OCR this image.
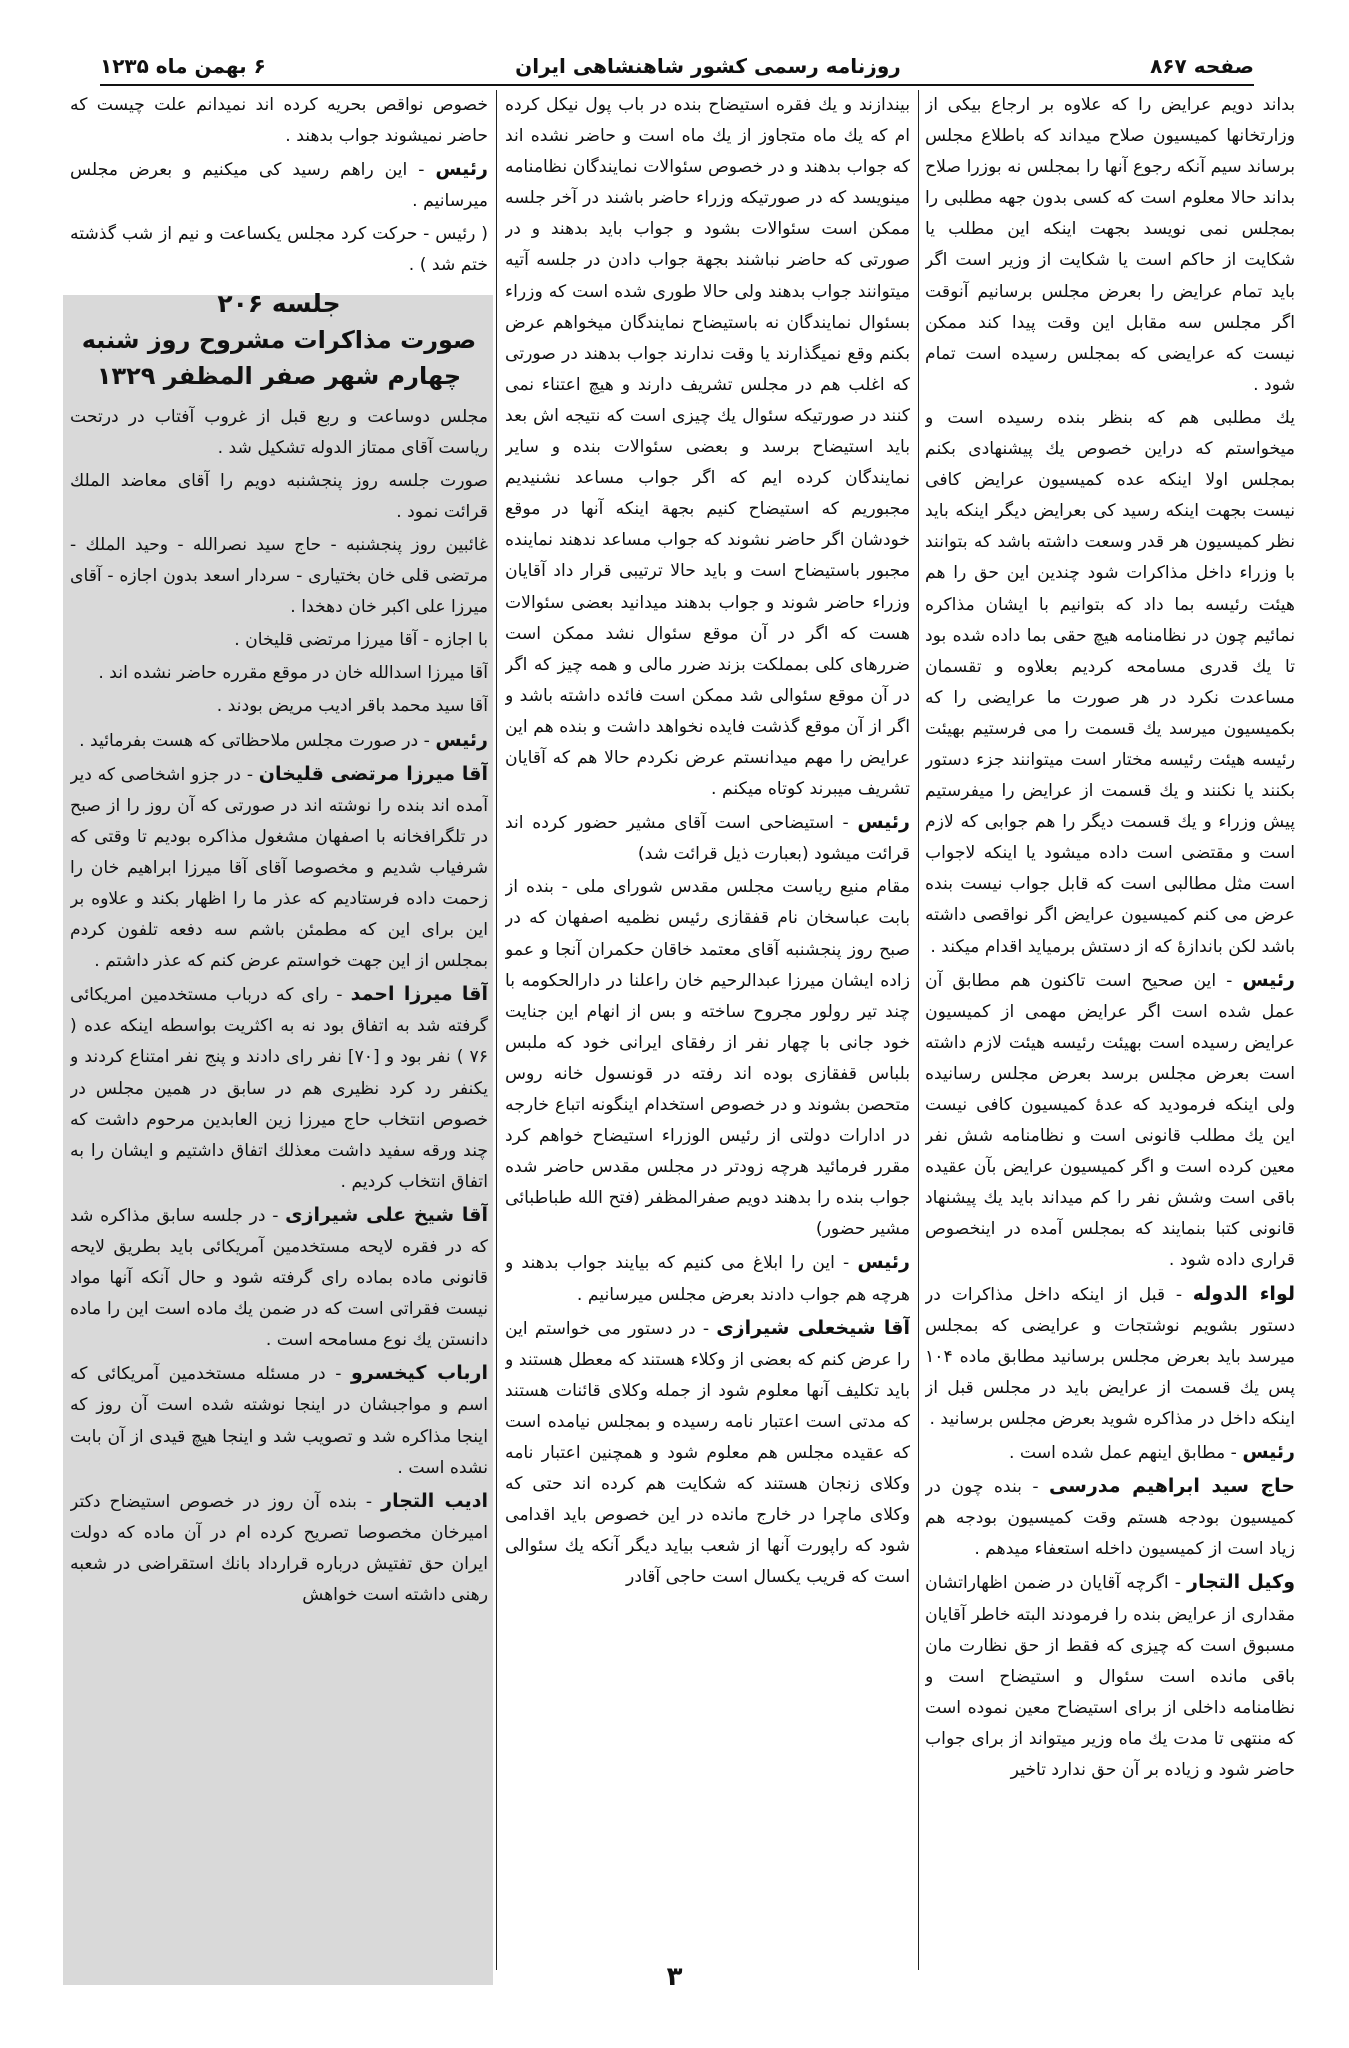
صفحه ۸۶۷
روزنامه رسمی کشور شاهنشاهی ایران
۶ بهمن ماه ۱۲۳۵

بداند دویم عرایض را که علاوه بر ارجاع بیکی از وزارتخانها کمیسیون صلاح میداند که باطلاع مجلس برساند سیم آنکه رجوع آنها را بمجلس نه بوزرا صلاح بداند حالا معلوم است که کسی بدون جهه مطلبی را بمجلس نمی نویسد بجهت اینکه این مطلب یا شکایت از حاکم است یا شکایت از وزیر است اگر باید تمام عرایض را بعرض مجلس برسانیم آنوقت اگر مجلس سه مقابل این وقت پیدا کند ممکن نیست که عرایضی که بمجلس رسیده است تمام شود .

یك مطلبی هم که بنظر بنده رسیده است و میخواستم که دراین خصوص یك پیشنهادی بکنم بمجلس اولا اینکه عده کمیسیون عرایض کافی نیست بجهت اینکه رسید کی بعرایض دیگر اینکه باید نظر کمیسیون هر قدر وسعت داشته باشد که بتوانند با وزراء داخل مذاکرات شود چندین این حق را هم هیئت رئیسه بما داد که بتوانیم با ایشان مذاکره نمائیم چون در نظامنامه هیچ حقی بما داده شده بود تا یك قدری مسامحه کردیم بعلاوه و تقسمان مساعدت نکرد در هر صورت ما عرایضی را که بکمیسیون میرسد یك قسمت را می فرستیم بهیئت رئیسه هیئت رئیسه مختار است میتوانند جزء دستور بکنند یا نکنند و یك قسمت از عرایض را میفرستیم پیش وزراء و یك قسمت دیگر را هم جوابی که لازم است و مقتضی است داده میشود یا اینکه لاجواب است مثل مطالبی است که قابل جواب نیست بنده عرض می کنم کمیسیون عرایض اگر نواقصی داشته باشد لکن باندازهٔ که از دستش برمیاید اقدام میکند .

رئیس - این صحیح است تاکنون هم مطابق آن عمل شده است اگر عرایض مهمی از کمیسیون عرایض رسیده است بهیئت رئیسه هیئت لازم داشته است بعرض مجلس برسد بعرض مجلس رسانیده ولی اینکه فرمودید که عدهٔ کمیسیون کافی نیست این یك مطلب قانونی است و نظامنامه شش نفر معین کرده است و اگر کمیسیون عرایض بآن عقیده باقی است وشش نفر را کم میداند باید یك پیشنهاد قانونی کتبا بنمایند که بمجلس آمده در اینخصوص قراری داده شود .

لواء الدوله - قبل از اینکه داخل مذاکرات در دستور بشویم نوشتجات و عرایضی که بمجلس میرسد باید بعرض مجلس برسانید مطابق ماده ۱۰۴ پس یك قسمت از عرایض باید در مجلس قبل از اینکه داخل در مذاکره شوید بعرض مجلس برسانید .

رئیس - مطابق اینهم عمل شده است .

حاج سید ابراهیم مدرسی - بنده چون در کمیسیون بودجه هستم وقت کمیسیون بودجه هم زیاد است از کمیسیون داخله استعفاء میدهم .

وکیل التجار - اگرچه آقایان در ضمن اظهاراتشان مقداری از عرایض بنده را فرمودند البته خاطر آقایان مسبوق است که چیزی که فقط از حق نظارت مان باقی مانده است سئوال و استیضاح است و نظامنامه داخلی از برای استیضاح معین نموده است که منتهی تا مدت یك ماه وزیر میتواند از برای جواب حاضر شود و زیاده بر آن حق ندارد تاخیر

بیندازند و یك فقره استیضاح بنده در باب پول نیکل کرده ام که یك ماه متجاوز از یك ماه است و حاضر نشده اند که جواب بدهند و در خصوص سئوالات نمایندگان نظامنامه مینویسد که در صورتیکه وزراء حاضر باشند در آخر جلسه ممکن است سئوالات بشود و جواب باید بدهند و در صورتی که حاضر نباشند بجهة جواب دادن در جلسه آتیه میتوانند جواب بدهند ولی حالا طوری شده است که وزراء بسئوال نمایندگان نه باستیضاح نمایندگان میخواهم عرض بکنم وقع نمیگذارند یا وقت ندارند جواب بدهند در صورتی که اغلب هم در مجلس تشریف دارند و هیچ اعتناء نمی کنند در صورتیکه سئوال یك چیزی است که نتیجه اش بعد باید استیضاح برسد و بعضی سئوالات بنده و سایر نمایندگان کرده ایم که اگر جواب مساعد نشنیدیم مجبوریم که استیضاح کنیم بجهة اینکه آنها در موقع خودشان اگر حاضر نشوند که جواب مساعد ندهند نماینده مجبور باستیضاح است و باید حالا ترتیبی قرار داد آقایان وزراء حاضر شوند و جواب بدهند میدانید بعضی سئوالات هست که اگر در آن موقع سئوال نشد ممکن است ضررهای کلی بمملکت بزند ضرر مالی و همه چیز که اگر در آن موقع سئوالی شد ممکن است فائده داشته باشد و اگر از آن موقع گذشت فایده نخواهد داشت و بنده هم این عرایض را مهم میدانستم عرض نکردم حالا هم که آقایان تشریف میبرند کوتاه میکنم .

رئیس - استیضاحی است آقای مشیر حضور کرده اند قرائت میشود (بعبارت ذیل قرائت شد)

مقام منیع ریاست مجلس مقدس شورای ملی - بنده از بابت عباسخان نام قفقازی رئیس نظمیه اصفهان که در صبح روز پنجشنبه آقای معتمد خاقان حکمران آنجا و عمو زاده ایشان میرزا عبدالرحیم خان راعلنا در دارالحکومه با چند تیر رولور مجروح ساخته و بس از انهام این جنایت خود جانی با چهار نفر از رفقای ایرانی خود که ملبس بلباس قفقازی بوده اند رفته در قونسول خانه روس متحصن بشوند و در خصوص استخدام اینگونه اتباع خارجه در ادارات دولتی از رئیس الوزراء استیضاح خواهم کرد مقرر فرمائید هرچه زودتر در مجلس مقدس حاضر شده جواب بنده را بدهند دویم صفرالمظفر (فتح الله طباطبائی مشیر حضور)

رئیس - این را ابلاغ می کنیم که بیایند جواب بدهند و هرچه هم جواب دادند بعرض مجلس میرسانیم .

آقا شیخعلی شیرازی - در دستور می خواستم این را عرض کنم که بعضی از وکلاء هستند که معطل هستند و باید تکلیف آنها معلوم شود از جمله وکلای قائنات هستند که مدتی است اعتبار نامه رسیده و بمجلس نیامده است که عقیده مجلس هم معلوم شود و همچنین اعتبار نامه وکلای زنجان هستند که شکایت هم کرده اند حتی که وکلای ماچرا در خارج مانده در این خصوص باید اقدامی شود که راپورت آنها از شعب بیاید دیگر آنکه یك سئوالی است که قریب یکسال است حاجی آقادر

خصوص نواقص بحریه کرده اند نمیدانم علت چیست که حاضر نمیشوند جواب بدهند .

رئیس - این راهم رسید کی میکنیم و بعرض مجلس میرسانیم .

( رئیس - حرکت کرد مجلس یکساعت و نیم از شب گذشته ختم شد ) .

جلسه ۲۰۶
صورت مذاکرات مشروح روز شنبه چهارم شهر صفر المظفر ۱۳۲۹

مجلس دوساعت و ربع قبل از غروب آفتاب در درتحت ریاست آقای ممتاز الدوله تشکیل شد .

صورت جلسه روز پنجشنبه دویم را آقای معاضد الملك قرائت نمود .

غائبین روز پنجشنبه - حاج سید نصرالله - وحید الملك - مرتضی قلی خان بختیاری - سردار اسعد بدون اجازه - آقای میرزا علی اکبر خان دهخدا .

با اجازه - آقا میرزا مرتضی قلیخان .

آقا میرزا اسدالله خان در موقع مقرره حاضر نشده اند .

آقا سید محمد باقر ادیب مریض بودند .

رئیس - در صورت مجلس ملاحظاتی که هست بفرمائید .

آقا میرزا مرتضی قلیخان - در جزو اشخاصی که دیر آمده اند بنده را نوشته اند در صورتی که آن روز را از صبح در تلگرافخانه با اصفهان مشغول مذاکره بودیم تا وقتی که شرفیاب شدیم و مخصوصا آقای آقا میرزا ابراهیم خان را زحمت داده فرستادیم که عذر ما را اظهار بکند و علاوه بر این برای این که مطمئن باشم سه دفعه تلفون کردم بمجلس از این جهت خواستم عرض کنم که عذر داشتم .

آقا میرزا احمد - رای که درباب مستخدمین امریکائی گرفته شد به اتفاق بود نه به اکثریت بواسطه اینکه عده ( ۷۶ ) نفر بود و [۷۰] نفر رای دادند و پنج نفر امتناع کردند و یکنفر رد کرد نظیری هم در سابق در همین مجلس در خصوص انتخاب حاج میرزا زین العابدین مرحوم داشت که چند ورقه سفید داشت معذلك اتفاق داشتیم و ایشان را به اتفاق انتخاب کردیم .

آقا شیخ علی شیرازی - در جلسه سابق مذاکره شد که در فقره لایحه مستخدمین آمریکائی باید بطریق لایحه قانونی ماده بماده رای گرفته شود و حال آنکه آنها مواد نیست فقراتی است که در ضمن یك ماده است این را ماده دانستن یك نوع مسامحه است .

ارباب کیخسرو - در مسئله مستخدمین آمریکائی که اسم و مواجبشان در اینجا نوشته شده است آن روز که اینجا مذاکره شد و تصویب شد و اینجا هیچ قیدی از آن بابت نشده است .

ادیب التجار - بنده آن روز در خصوص استیضاح دکتر امیرخان مخصوصا تصریح کرده ام در آن ماده که دولت ایران حق تفتیش درباره قرارداد بانك استقراضی در شعبه رهنی داشته است خواهش

۳
